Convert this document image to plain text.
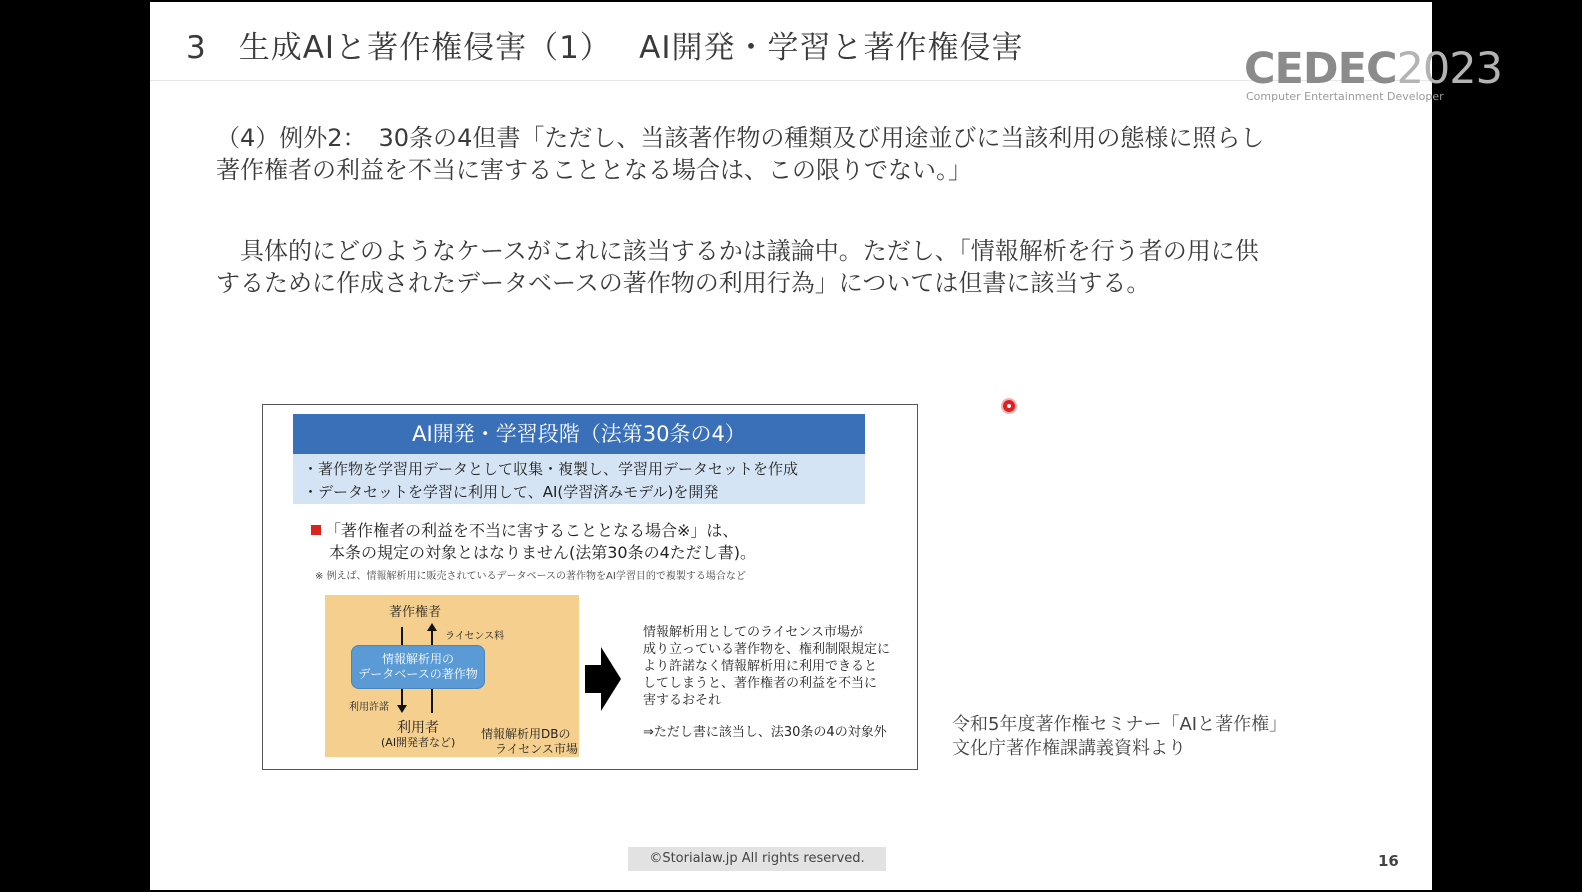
3　生成AIと著作権侵害（1）　 AI開発・学習と著作権侵害	CEDEC2023
Computer Entertainment Developer
（4）例外2：　30条の4但書「ただし、当該著作物の種類及び用途並びに当該利用の態様に照らし
著作権者の利益を不当に害することとなる場合は、この限りでない。」
　具体的にどのようなケースがこれに該当するかは議論中。ただし、「情報解析を行う者の用に供
するために作成されたデータベースの著作物の利用行為」については但書に該当する。
AI開発・学習段階（法第30条の4）
・著作物を学習用データとして収集・複製し、学習用データセットを作成
・データセットを学習に利用して、AI(学習済みモデル)を開発
「著作権者の利益を不当に害することとなる場合※」は、
本条の規定の対象とはなりません(法第30条の4ただし書)。
※ 例えば、情報解析用に販売されているデータベースの著作物をAI学習目的で複製する場合など
著作権者
ライセンス料
情報解析用の
データベースの著作物
利用許諾
利用者
(AI開発者など)
情報解析用DBの
ライセンス市場
情報解析用としてのライセンス市場が
成り立っている著作物を、権利制限規定に
より許諾なく情報解析用に利用できると
してしまうと、著作権者の利益を不当に
害するおそれ
⇒ただし書に該当し、法30条の4の対象外	令和5年度著作権セミナー「AIと著作権」
文化庁著作権課講義資料より
©Storialaw.jp All rights reserved.	16
